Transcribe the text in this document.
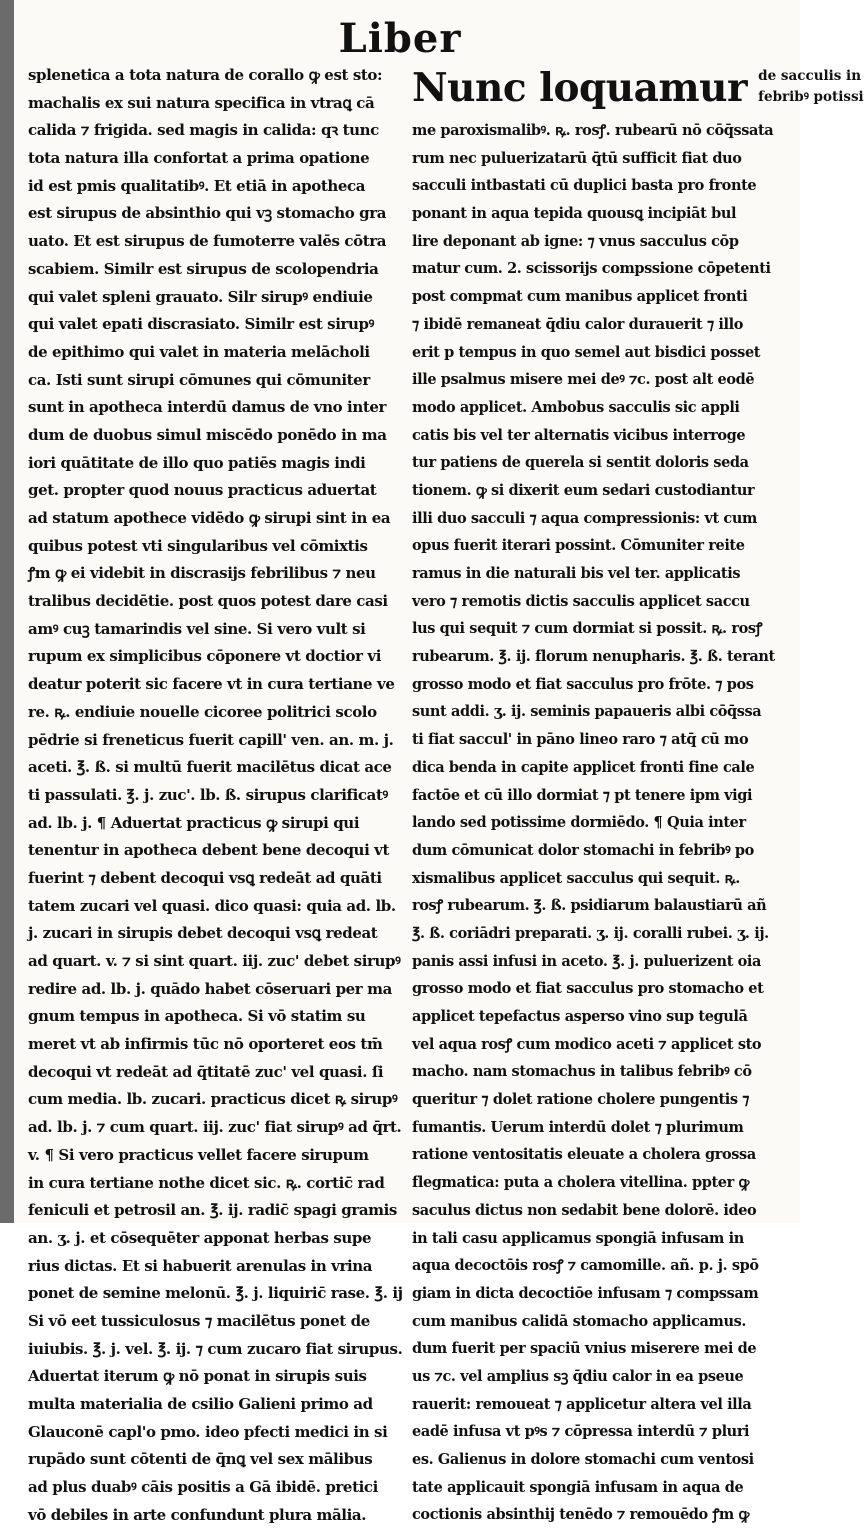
Liber
splenetica a tota natura de corallo ꝙ est sto:
machalis ex sui natura specifica in vtraꝗ cā
calida ⁊ frigida. sed magis in calida: qꝛ tunc
tota natura illa confortat a prima opatione
id est pmis qualitatibꝰ. Et etiā in apotheca
est sirupus de absinthio qui vꝫ stomacho gra
uato. Et est sirupus de fumoterre valēs cōtra
scabiem. Similr est sirupus de scolopendria
qui valet spleni grauato. Silr sirupꝰ endiuie
qui valet epati discrasiato. Similr est sirupꝰ
de epithimo qui valet in materia melācholi
ca. Isti sunt sirupi cōmunes qui cōmuniter
sunt in apotheca interdū damus de vno inter
dum de duobus simul miscēdo ponēdo in ma
iori quātitate de illo quo patiēs magis indi
get. propter quod nouus practicus aduertat
ad statum apothece vidēdo ꝙ sirupi sint in ea
quibus potest vti singularibus vel cōmixtis
ꝭm ꝙ ei videbit in discrasijs febrilibus ⁊ neu
tralibus decidētie. post quos potest dare casi
amꝰ cuꝫ tamarindis vel sine. Si vero vult si
rupum ex simplicibus cōponere vt doctior vi
deatur poterit sic facere vt in cura tertiane ve
re. ꝶ. endiuie nouelle cicoree politrici scolo
pēdrie si freneticus fuerit capill' ven. an. m. j.
aceti. ℥. ß. si multū fuerit macilētus dicat ace
ti passulati. ℥. j. zuc'. lb. ß. sirupus clarificatꝰ
ad. lb. j. ¶ Aduertat practicus ꝙ sirupi qui
tenentur in apotheca debent bene decoqui vt
fuerint ⁊ debent decoqui vsꝗ redeāt ad quāti
tatem zucari vel quasi. dico quasi: quia ad. lb.
j. zucari in sirupis debet decoqui vsꝗ redeat
ad quart. v. ⁊ si sint quart. iij. zuc' debet sirupꝰ
redire ad. lb. j. quādo habet cōseruari per ma
gnum tempus in apotheca. Si vō statim su
meret vt ab infirmis tūc nō oporteret eos tm̄
decoqui vt redeāt ad q̄titatē zuc' vel quasi. ſi
cum media. lb. zucari. practicus dicet ꝶ sirupꝰ
ad. lb. j. ⁊ cum quart. iij. zuc' fiat sirupꝰ ad q̄rt.
v. ¶ Si vero practicus vellet facere sirupum
in cura tertiane nothe dicet sic. ꝶ. cortic̄ rad
feniculi et petrosil an. ℥. ij. radic̄ spagi gramis
an. ʒ. j. et cōsequēter apponat herbas supe
rius dictas. Et si habuerit arenulas in vrina
ponet de semine melonū. ℥. j. liquiric̄ rase. ℥. ij
Si vō eet tussiculosus ⁊ macilētus ponet de
iuiubis. ℥. j. vel. ℥. ij. ⁊ cum zucaro fiat sirupus.
Aduertat iterum ꝙ nō ponat in sirupis suis
multa materialia de csilio Galieni primo ad
Glauconē capl'o pmo. ideo pfecti medici in si
rupādo sunt cōtenti de q̄nꝗ vel sex mālibus
ad plus duabꝰ cāis positis a Gā ibidē. pretici
vō debiles in arte confundunt plura mālia.
Nunc loquamur de sacculis in
febribꝰ potissi
me paroxismalibꝰ. ꝶ. rosꝭ. rubearū nō cōq̄ssata
rum nec puluerizatarū q̄tū sufficit fiat duo
sacculi intbastati cū duplici basta pro fronte
ponant in aqua tepida quousꝗ incipiāt bul
lire deponant ab igne: ⁊ vnus sacculus cōp
matur cum. 2. scissorijs compssione cōpetenti
post compmat cum manibus applicet fronti
⁊ ibidē remaneat q̄diu calor durauerit ⁊ illo
erit p tempus in quo semel aut bisdici posset
ille psalmus misere mei deꝰ ⁊c. post alt eodē
modo applicet. Ambobus sacculis sic appli
catis bis vel ter alternatis vicibus interroge
tur patiens de querela si sentit doloris seda
tionem. ꝙ si dixerit eum sedari custodiantur
illi duo sacculi ⁊ aqua compressionis: vt cum
opus fuerit iterari possint. Cōmuniter reite
ramus in die naturali bis vel ter. applicatis
vero ⁊ remotis dictis sacculis applicet saccu
lus qui sequit ⁊ cum dormiat si possit. ꝶ. rosꝭ
rubearum. ℥. ij. florum nenupharis. ℥. ß. terant
grosso modo et fiat sacculus pro frōte. ⁊ pos
sunt addi. ʒ. ij. seminis papaueris albi cōq̄ssa
ti fiat saccul' in pāno lineo raro ⁊ atq̄ cū mo
dica benda in capite applicet fronti fine cale
factōe et cū illo dormiat ⁊ pt tenere ipm vigi
lando sed potissime dormiēdo. ¶ Quia inter
dum cōmunicat dolor stomachi in febribꝰ po
xismalibus applicet sacculus qui sequit. ꝶ.
rosꝭ rubearum. ℥. ß. psidiarum balaustiarū añ
℥. ß. coriādri preparati. ʒ. ij. coralli rubei. ʒ. ij.
panis assi infusi in aceto. ℥. j. puluerizent oia
grosso modo et fiat sacculus pro stomacho et
applicet tepefactus asperso vino sup tegulā
vel aqua rosꝭ cum modico aceti ⁊ applicet sto
macho. nam stomachus in talibus febribꝰ cō
queritur ⁊ dolet ratione cholere pungentis ⁊
fumantis. Uerum interdū dolet ⁊ plurimum
ratione ventositatis eleuate a cholera grossa
flegmatica: puta a cholera vitellina. ppter ꝙ
saculus dictus non sedabit bene dolorē. ideo
in tali casu applicamus spongiā infusam in
aqua decoctōis rosꝭ ⁊ camomille. añ. p. j. spō
giam in dicta decoctiōe infusam ⁊ compssam
cum manibus calidā stomacho applicamus.
dum fuerit per spaciū vnius miserere mei de
us ⁊c. vel amplius sꝫ q̄diu calor in ea pseue
rauerit: remoueat ⁊ applicetur altera vel illa
eadē infusa vt pꝰs ⁊ cōpressa interdū ⁊ pluri
es. Galienus in dolore stomachi cum ventosi
tate applicauit spongiā infusam in aqua de
coctionis absinthij tenēdo ⁊ remouēdo ꝭm ꝙ
